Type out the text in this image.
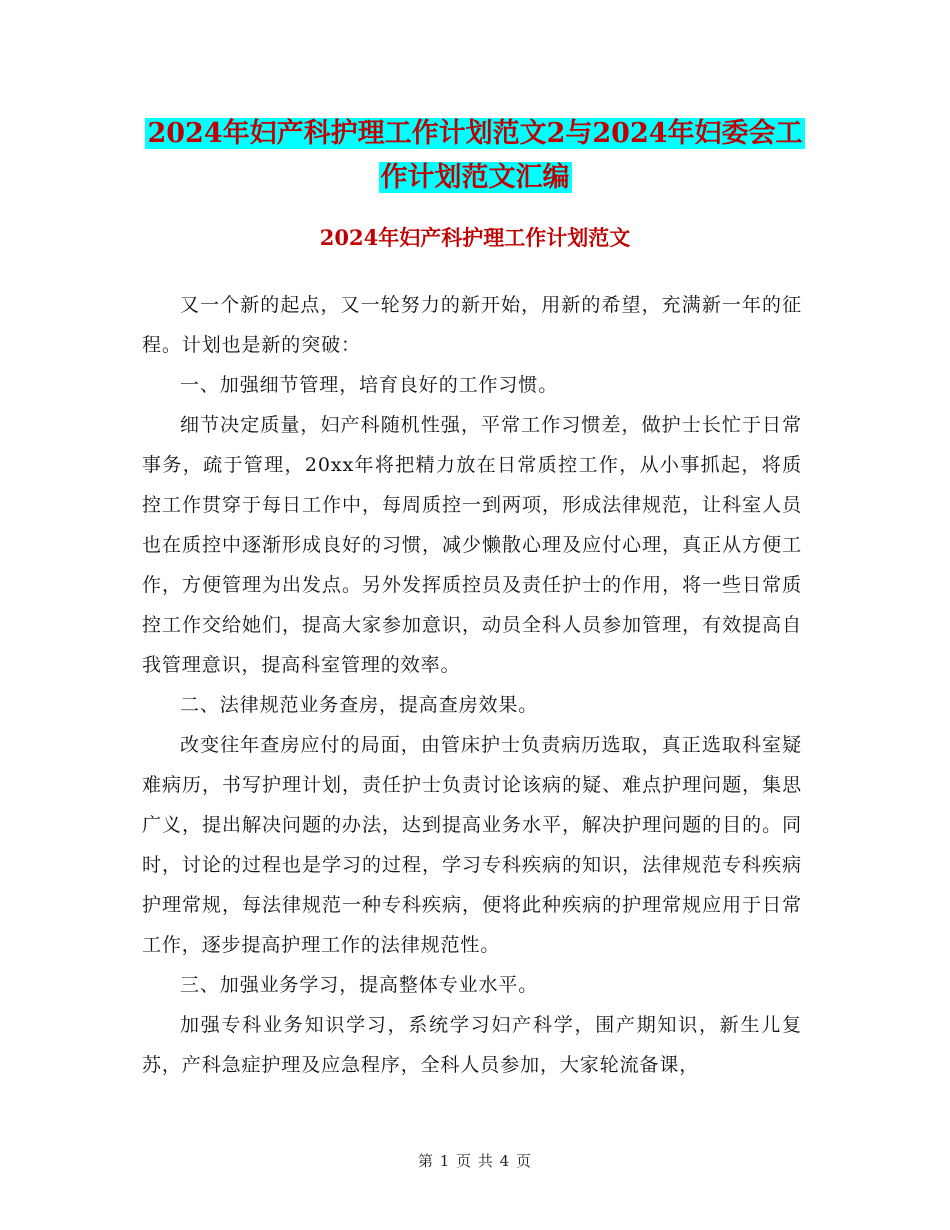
2024年妇产科护理工作计划范文2与2024年妇委会工
作计划范文汇编
2024年妇产科护理工作计划范文

又一个新的起点，又一轮努力的新开始，用新的希望，充满新一年的征程。计划也是新的突破：

一、加强细节管理，培育良好的工作习惯。

细节决定质量，妇产科随机性强，平常工作习惯差，做护士长忙于日常事务，疏于管理，20xx年将把精力放在日常质控工作，从小事抓起，将质控工作贯穿于每日工作中，每周质控一到两项，形成法律规范，让科室人员也在质控中逐渐形成良好的习惯，减少懒散心理及应付心理，真正从方便工作，方便管理为出发点。另外发挥质控员及责任护士的作用，将一些日常质控工作交给她们，提高大家参加意识，动员全科人员参加管理，有效提高自我管理意识，提高科室管理的效率。

二、法律规范业务查房，提高查房效果。

改变往年查房应付的局面，由管床护士负责病历选取，真正选取科室疑难病历，书写护理计划，责任护士负责讨论该病的疑、难点护理问题，集思广义，提出解决问题的办法，达到提高业务水平，解决护理问题的目的。同时，讨论的过程也是学习的过程，学习专科疾病的知识，法律规范专科疾病护理常规，每法律规范一种专科疾病，便将此种疾病的护理常规应用于日常工作，逐步提高护理工作的法律规范性。

三、加强业务学习，提高整体专业水平。

加强专科业务知识学习，系统学习妇产科学，围产期知识，新生儿复苏，产科急症护理及应急程序，全科人员参加，大家轮流备课，

第 1 页 共 4 页
